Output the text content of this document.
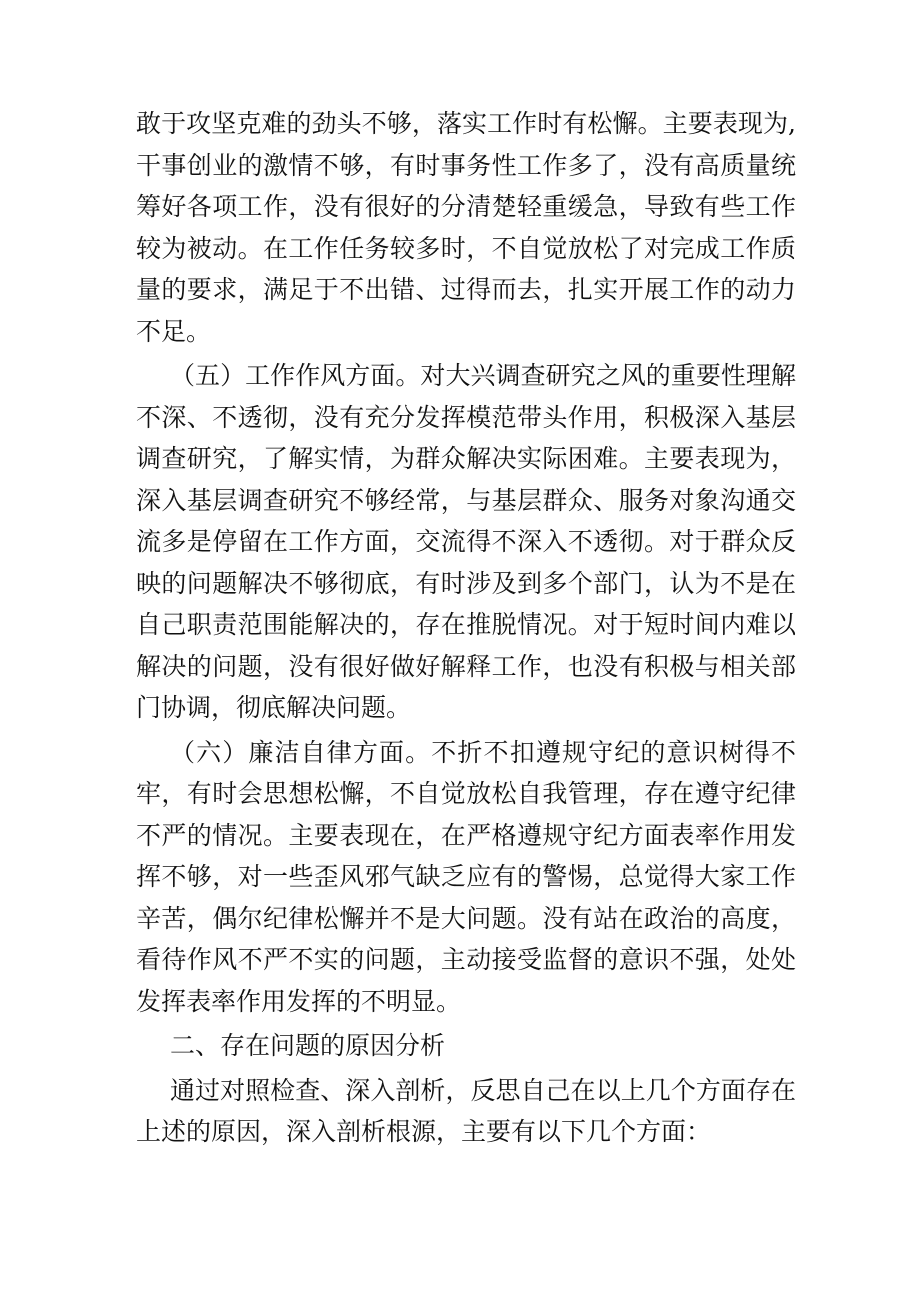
敢于攻坚克难的劲头不够，落实工作时有松懈。主要表现为,干事创业的激情不够，有时事务性工作多了，没有高质量统筹好各项工作，没有很好的分清楚轻重缓急，导致有些工作较为被动。在工作任务较多时，不自觉放松了对完成工作质量的要求，满足于不出错、过得而去，扎实开展工作的动力不足。

（五）工作作风方面。对大兴调查研究之风的重要性理解不深、不透彻，没有充分发挥模范带头作用，积极深入基层调查研究，了解实情，为群众解决实际困难。主要表现为，深入基层调查研究不够经常，与基层群众、服务对象沟通交流多是停留在工作方面，交流得不深入不透彻。对于群众反映的问题解决不够彻底，有时涉及到多个部门，认为不是在自己职责范围能解决的，存在推脱情况。对于短时间内难以解决的问题，没有很好做好解释工作，也没有积极与相关部门协调，彻底解决问题。

（六）廉洁自律方面。不折不扣遵规守纪的意识树得不牢，有时会思想松懈，不自觉放松自我管理，存在遵守纪律不严的情况。主要表现在，在严格遵规守纪方面表率作用发挥不够，对一些歪风邪气缺乏应有的警惕，总觉得大家工作辛苦，偶尔纪律松懈并不是大问题。没有站在政治的高度，看待作风不严不实的问题，主动接受监督的意识不强，处处发挥表率作用发挥的不明显。

二、存在问题的原因分析

通过对照检查、深入剖析，反思自己在以上几个方面存在上述的原因，深入剖析根源，主要有以下几个方面：
